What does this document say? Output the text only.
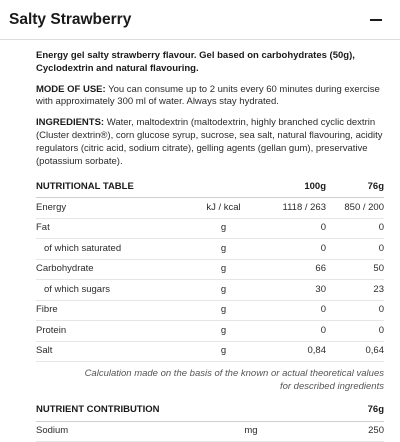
Salty Strawberry

Energy gel salty strawberry flavour. Gel based on carbohydrates (50g), Cyclodextrin and natural flavouring.

MODE OF USE: You can consume up to 2 units every 60 minutes during exercise with approximately 300 ml of water. Always stay hydrated.

INGREDIENTS: Water, maltodextrin (maltodextrin, highly branched cyclic dextrin (Cluster dextrin®), corn glucose syrup, sucrose, sea salt, natural flavouring, acidity regulators (citric acid, sodium citrate), gelling agents (gellan gum), preservative (potassium sorbate).

NUTRITIONAL TABLE		100g	76g
Energy	kJ / kcal	1118 / 263	850 / 200
Fat	g	0	0
of which saturated	g	0	0
Carbohydrate	g	66	50
of which sugars	g	30	23
Fibre	g	0	0
Protein	g	0	0
Salt	g	0,84	0,64

Calculation made on the basis of the known or actual theoretical values for described ingredients

NUTRIENT CONTRIBUTION		76g
Sodium	mg	250
